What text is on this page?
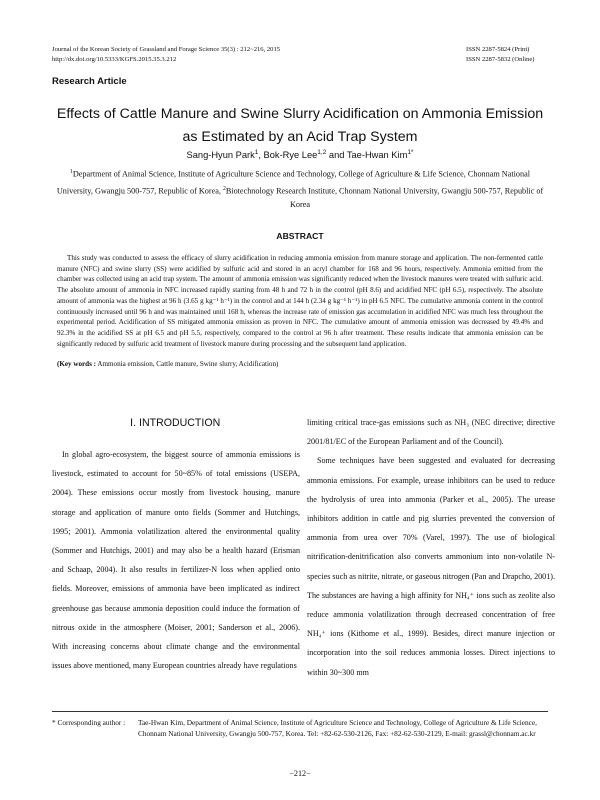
Journal of the Korean Society of Grassland and Forage Science 35(3) : 212~216, 2015
http://dx.doi.org/10.5333/KGFS.2015.35.3.212
ISSN 2287-5824 (Print)
ISSN 2287-5832 (Online)
Research Article
Effects of Cattle Manure and Swine Slurry Acidification on Ammonia Emission as Estimated by an Acid Trap System
Sang-Hyun Park$^1$, Bok-Rye Lee$^{1,2}$ and Tae-Hwan Kim$^{1*}$
$^1$Department of Animal Science, Institute of Agriculture Science and Technology, College of Agriculture & Life Science, Chonnam National University, Gwangju 500-757, Republic of Korea, $^2$Biotechnology Research Institute, Chonnam National University, Gwangju 500-757, Republic of Korea
ABSTRACT

This study was conducted to assess the efficacy of slurry acidification in reducing ammonia emission from manure storage and application. The non-fermented cattle manure (NFC) and swine slurry (SS) were acidified by sulfuric acid and stored in an acryl chamber for 168 and 96 hours, respectively. Ammonia emitted from the chamber was collected using an acid trap system. The amount of ammonia emission was significantly reduced when the livestock manures were treated with sulfuric acid. The absolute amount of ammonia in NFC increased rapidly starting from 48 h and 72 h in the control (pH 8.6) and acidified NFC (pH 6.5), respectively. The absolute amount of ammonia was the highest at 96 h (3.65 g kg⁻¹ h⁻¹) in the control and at 144 h (2.34 g kg⁻¹ h⁻¹) in pH 6.5 NFC. The cumulative ammonia content in the control continuously increased until 96 h and was maintained until 168 h, whereas the increase rate of emission gas accumulation in acidified NFC was much less throughout the experimental period. Acidification of SS mitigated ammonia emission as proven in NFC. The cumulative amount of ammonia emission was decreased by 49.4% and 92.3% in the acidified SS at pH 6.5 and pH 5.5, respectively, compared to the control at 96 h after treatment. These results indicate that ammonia emission can be significantly reduced by sulfuric acid treatment of livestock manure during processing and the subsequent land application.

(Key words : Ammonia emission, Cattle manure, Swine slurry, Acidification)
Ⅰ. INTRODUCTION

In global agro-ecosystem, the biggest source of ammonia emissions is livestock, estimated to account for 50~85% of total emissions (USEPA, 2004). These emissions occur mostly from livestock housing, manure storage and application of manure onto fields (Sommer and Hutchings, 1995; 2001). Ammonia volatilization altered the environmental quality (Sommer and Hutchigs, 2001) and may also be a health hazard (Erisman and Schaap, 2004). It also results in fertilizer-N loss when applied onto fields. Moreover, emissions of ammonia have been implicated as indirect greenhouse gas because ammonia deposition could induce the formation of nitrous oxide in the atmosphere (Moiser, 2001; Sanderson et al., 2006). With increasing concerns about climate change and the environmental issues above mentioned, many European countries already have regulations

limiting critical trace-gas emissions such as NH₃ (NEC directive; directive 2001/81/EC of the European Parliament and of the Council).

Some techniques have been suggested and evaluated for decreasing ammonia emissions. For example, urease inhibitors can be used to reduce the hydrolysis of urea into ammonia (Parker et al., 2005). The urease inhibitors addition in cattle and pig slurries prevented the conversion of ammonia from urea over 70% (Varel, 1997). The use of biological nitrification-denitrification also converts ammonium into non-volatile N-species such as nitrite, nitrate, or gaseous nitrogen (Pan and Drapcho, 2001). The substances are having a high affinity for NH₄⁺ ions such as zeolite also reduce ammonia volatilization through decreased concentration of free NH₄⁺ ions (Kithome et al., 1999). Besides, direct manure injection or incorporation into the soil reduces ammonia losses. Direct injections to within 30~300 mm

* Corresponding author : Tae-Hwan Kim, Department of Animal Science, Institute of Agriculture Science and Technology, College of Agriculture & Life Science, Chonnam National University, Gwangju 500-757, Korea. Tel: +82-62-530-2126, Fax: +82-62-530-2129, E-mail: grassl@chonnam.ac.kr
−212−
